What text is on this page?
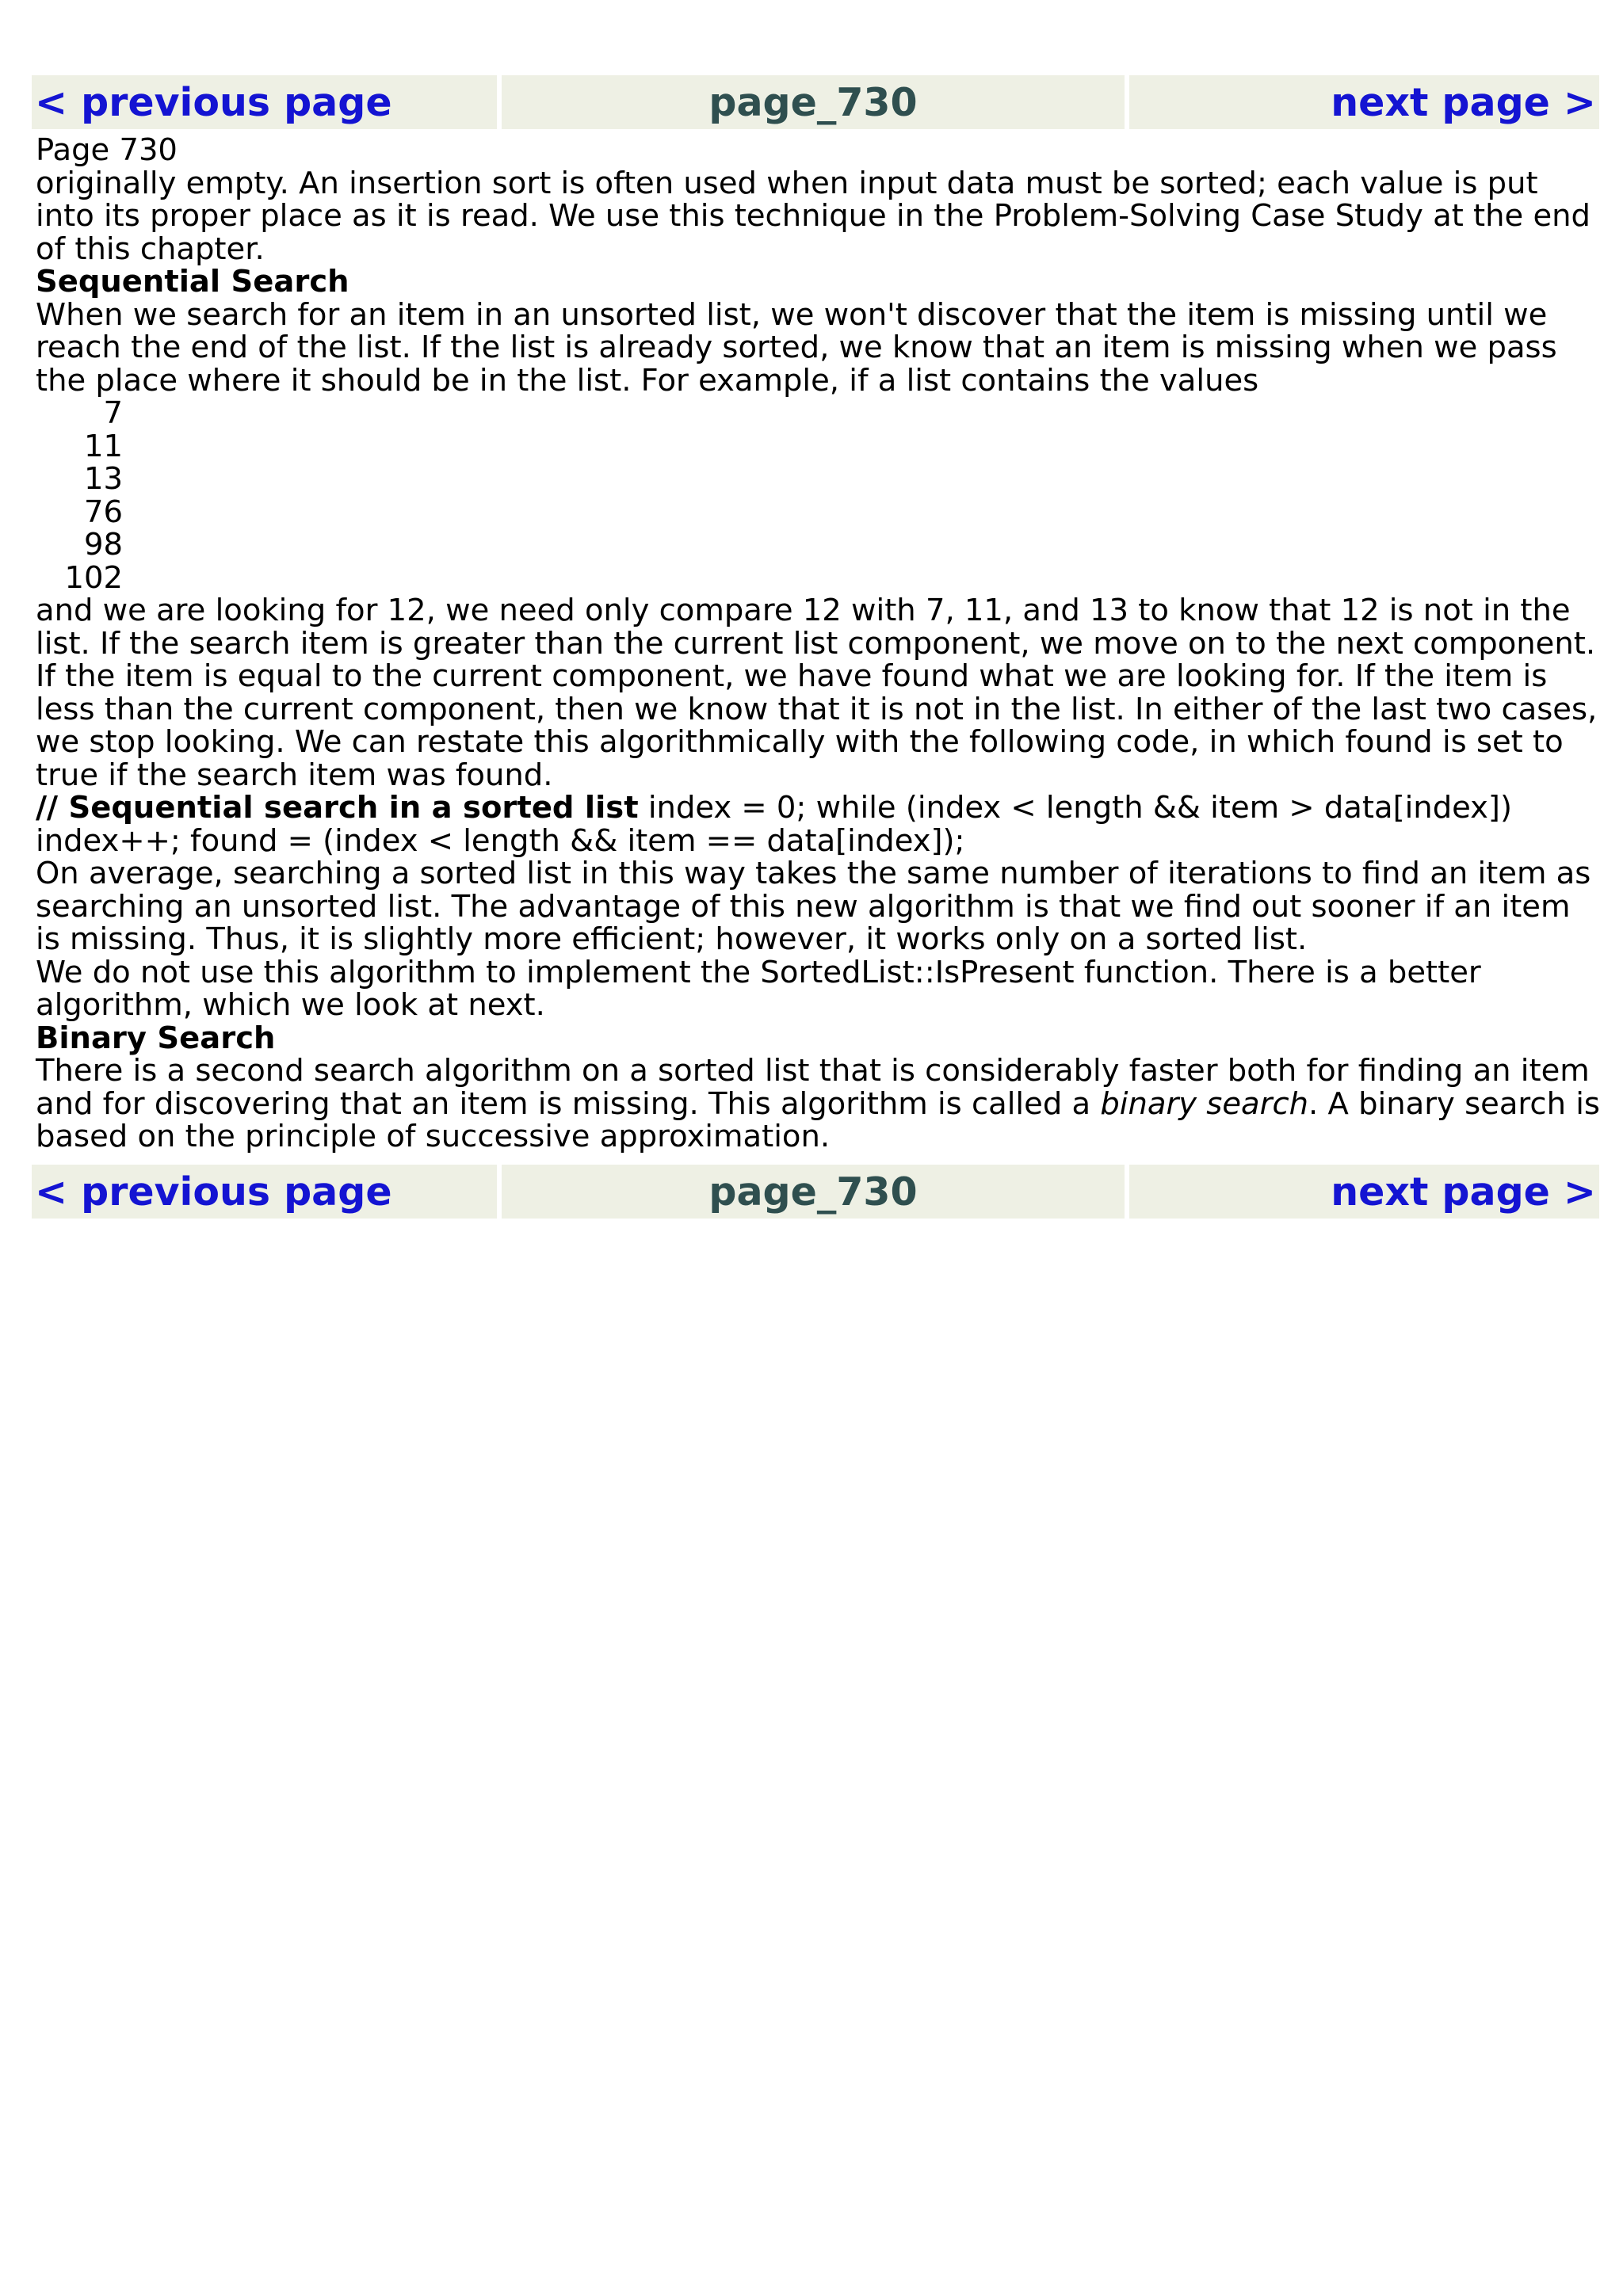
< previous page	page_730	next page >

Page 730

originally empty. An insertion sort is often used when input data must be sorted; each value is put into its proper place as it is read. We use this technique in the Problem-Solving Case Study at the end of this chapter.

Sequential Search

When we search for an item in an unsorted list, we won't discover that the item is missing until we reach the end of the list. If the list is already sorted, we know that an item is missing when we pass the place where it should be in the list. For example, if a list contains the values

7
11
13
76
98
102

and we are looking for 12, we need only compare 12 with 7, 11, and 13 to know that 12 is not in the list. If the search item is greater than the current list component, we move on to the next component. If the item is equal to the current component, we have found what we are looking for. If the item is less than the current component, then we know that it is not in the list. In either of the last two cases, we stop looking. We can restate this algorithmically with the following code, in which found is set to true if the search item was found.

// Sequential search in a sorted list index = 0; while (index < length && item > data[index]) index++; found = (index < length && item == data[index]);

On average, searching a sorted list in this way takes the same number of iterations to find an item as searching an unsorted list. The advantage of this new algorithm is that we find out sooner if an item is missing. Thus, it is slightly more efficient; however, it works only on a sorted list.

We do not use this algorithm to implement the SortedList::IsPresent function. There is a better algorithm, which we look at next.

Binary Search

There is a second search algorithm on a sorted list that is considerably faster both for finding an item and for discovering that an item is missing. This algorithm is called a binary search. A binary search is based on the principle of successive approximation.

< previous page	page_730	next page >
